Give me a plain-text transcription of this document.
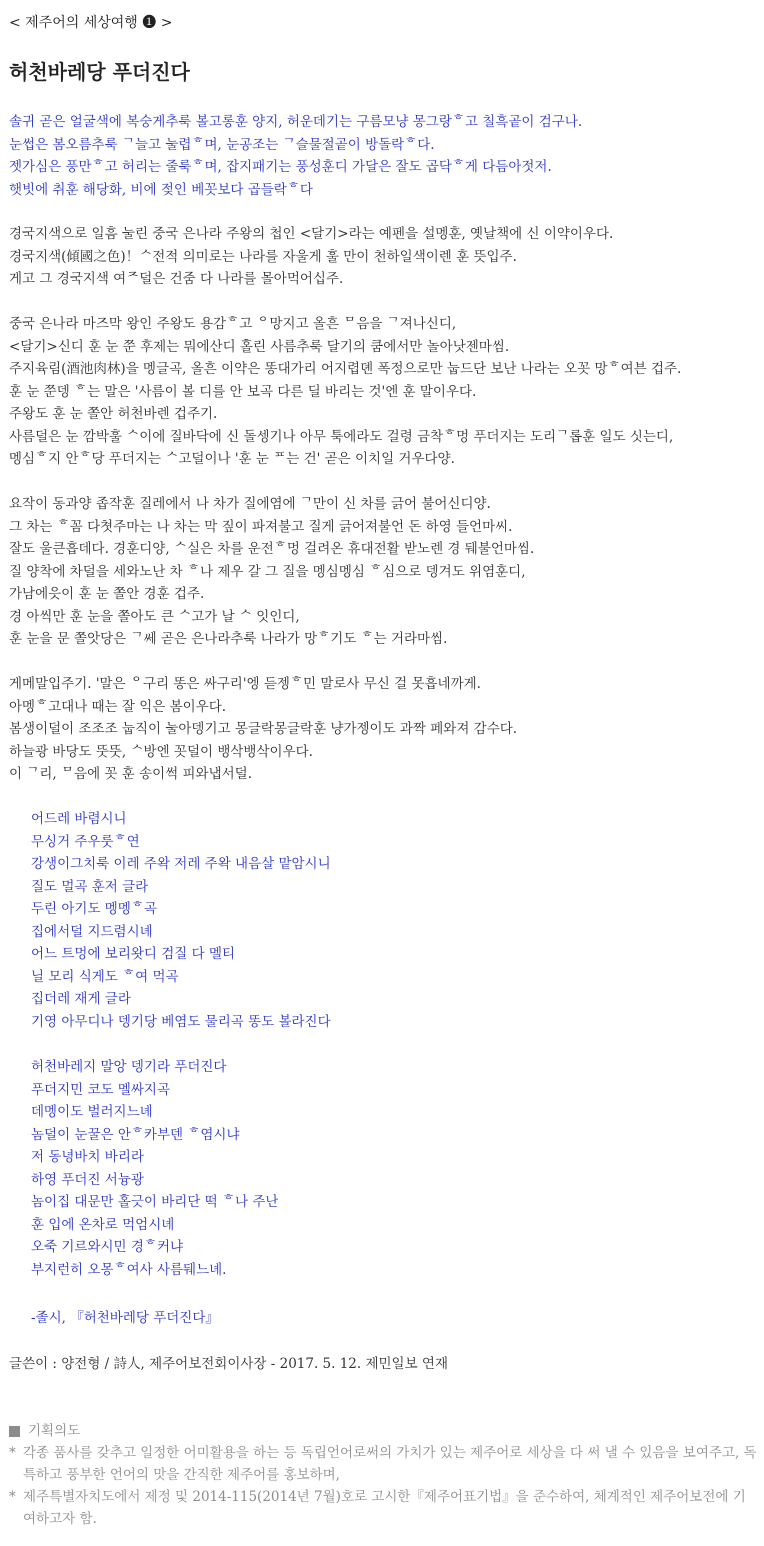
< 제주어의 세상여행 ❶ >
허천바레당 푸더진다
솔귀 곧은 얼굴색에 복숭게추룩 볼고롱훈 양지, 허운데기는 구름모냥 몽그랑ᄒ고 칠흑곹이 검구나.
눈썹은 봄오름추룩 ᄀ늘고 눌렵ᄒ며, 눈공조는 ᄀ슬물절곹이 방돌락ᄒ다.
젯가심은 풍만ᄒ고 허리는 줄룩ᄒ며, 잡지패기는 풍성훈디 가달은 잘도 곱닥ᄒ게 다듬아젓저.
햇빗에 취훈 해당화, 비에 젖인 베꼿보다 곱들락ᄒ다
경국지색으로 일흠 눌린 중국 은나라 주왕의 첩인 <달기>라는 예펜을 설멩훈, 옛날책에 신 이약이우다.
경국지색(傾國之色)！ᄉ전적 의미로는 나라를 자울게 훌 만이 천하일색이렌 훈 뜻입주.
게고 그 경국지색 여ᄌ덜은 건줌 다 나라를 몰아먹어십주.
중국 은나라 마즈막 왕인 주왕도 용감ᄒ고 ᄋ망지고 올흔 ᄆ음을 ᄀ져나신디,
<달기>신디 훈 눈 쭌 후제는 뭐에산디 홀린 사름추룩 달기의 쿰에서만 놀아낫젠마씸.
주지육림(酒池肉林)을 멩글곡, 올흔 이약은 똥대가리 어지렵뎬 폭정으로만 눕드단 보난 나라는 오꼿 망ᄒ여븐 겁주.
훈 눈 쭌뎅 ᄒ는 말은 '사름이 볼 디를 안 보곡 다른 딜 바리는 것'엔 훈 말이우다.
주왕도 훈 눈 쫄안 허천바렌 겁주기.
사름덜은 눈 깜박훌 ᄉ이에 질바닥에 신 돌셍기나 아무 툭에라도 걸령 금착ᄒ멍 푸더지는 도리ᄀ롭훈 일도 싯는디,
멩심ᄒ지 안ᄒ당 푸더지는 ᄉ고덜이나 '훈 눈 ᄑ는 건' 곧은 이치일 거우다양.
요작이 동과양 좁작훈 질레에서 나 차가 질에염에 ᄀ만이 신 차를 긁어 불어신디양.
그 차는 ᄒ꼼 다쳣주마는 나 차는 막 짚이 파져불고 질게 긁어져불언 돈 하영 들언마씨.
잘도 울큰흡데다. 경훈디양, ᄉ실은 차를 운전ᄒ멍 걸려온 휴대전활 받노렌 경 뒈불언마씸.
질 양착에 차덜을 세와노난 차 ᄒ나 제우 갈 그 질을 멩심멩심 ᄒ심으로 뎅겨도 위염훈디,
가남에읏이 훈 눈 쫄안 경훈 겁주.
경 아씩만 훈 눈을 쫄아도 큰 ᄉ고가 날 ᄉ 잇인디,
훈 눈을 문 쫄앗당은 ᄀ쎄 곧은 은나라추룩 나라가 망ᄒ기도 ᄒ는 거라마씸.
게메말입주기. '말은 ᄋ구리 똥은 싸구리'엥 듣젱ᄒ민 말로사 무신 걸 못흡네까게.
아멩ᄒ고대나 때는 잘 익은 봄이우다.
봄생이덜이 조조조 눕직이 눌아뎅기고 몽글락몽글락훈 냥가젱이도 과짝 페와져 감수다.
하늘광 바당도 뚯뚯, ᄉ방엔 꼿덜이 뱅삭뱅삭이우다.
이 ᄀ리, ᄆ음에 꼿 훈 송이썩 피와냅서덜.
어드레 바렴시니
무싱거 주우룻ᄒ연
강생이그치룩 이레 주왁 저레 주왁 내음살 맡암시니
질도 멀곡 훈저 글라
두린 아기도 멩멩ᄒ곡
집에서덜 지드렴시녜
어느 트멍에 보리왓디 검질 다 멜티
닐 모리 식게도 ᄒ여 먹곡
집더레 재게 글라
기영 아무디나 뎅기당 베염도 물리곡 똥도 볼라진다
허천바레지 말앙 뎅기라 푸더진다
푸더지민 코도 멜싸지곡
데멩이도 벌러지느녜
놈덜이 눈꿀은 안ᄒ카부덴 ᄒ염시냐
저 동녕바치 바리라
하영 푸더진 서늉광
놈이집 대문만 홀긋이 바리단 떡 ᄒ나 주난
훈 입에 온차로 먹엄시녜
오죽 기르와시민 경ᄒ커냐
부지런히 오몽ᄒ여사 사름뒈느녜.
-졸시, 『허천바레당 푸더진다』
글쓴이 : 양전형 / 詩人, 제주어보전회이사장 - 2017. 5. 12. 제민일보 연재
기획의도
* 각종 품사를 갖추고 일정한 어미활용을 하는 등 독립언어로써의 가치가 있는 제주어로 세상을 다 써 낼 수 있음을 보여주고, 독특하고 풍부한 언어의 맛을 간직한 제주어를 홍보하며,
* 제주특별자치도에서 제정 및 2014-115(2014년 7월)호로 고시한『제주어표기법』을 준수하여, 체계적인 제주어보전에 기여하고자 함.
